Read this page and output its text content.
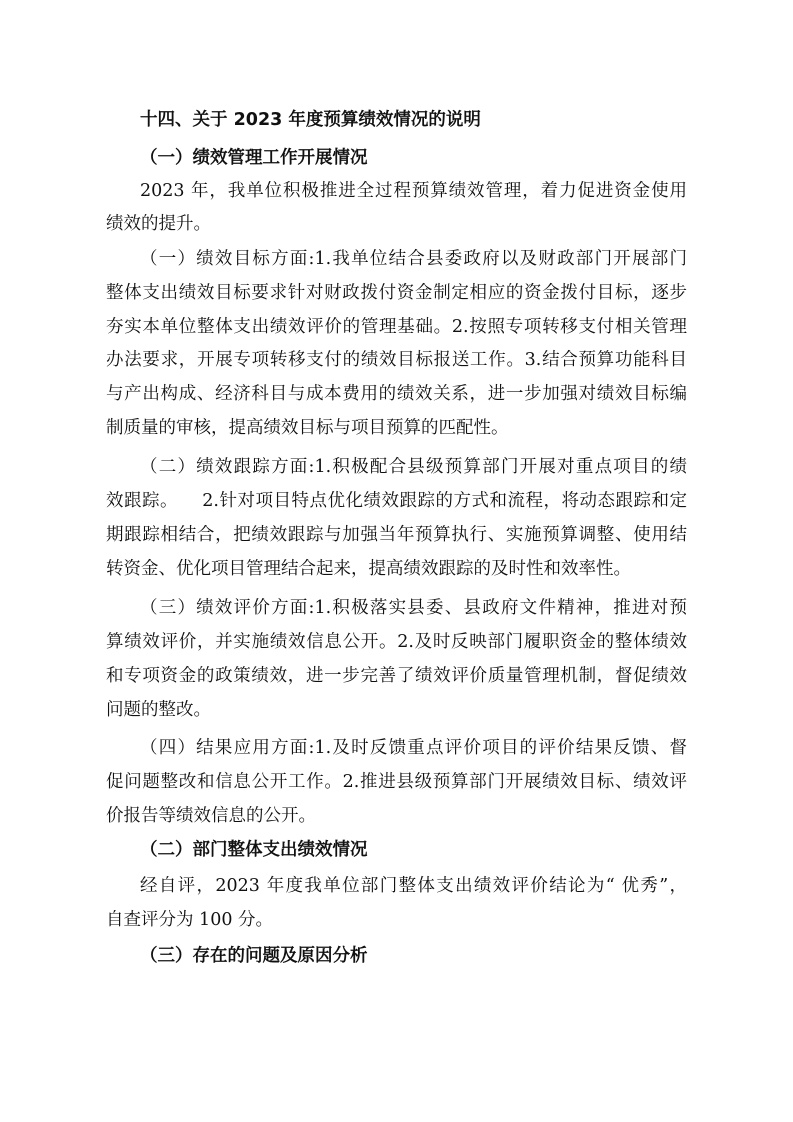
十四、关于 2023 年度预算绩效情况的说明

（一）绩效管理工作开展情况

2023 年，我单位积极推进全过程预算绩效管理，着力促进资金使用

绩效的提升。

（一）绩效目标方面:1.我单位结合县委政府以及财政部门开展部门

整体支出绩效目标要求针对财政拨付资金制定相应的资金拨付目标，逐步

夯实本单位整体支出绩效评价的管理基础。2.按照专项转移支付相关管理

办法要求，开展专项转移支付的绩效目标报送工作。3.结合预算功能科目

与产出构成、经济科目与成本费用的绩效关系，进一步加强对绩效目标编

制质量的审核，提高绩效目标与项目预算的匹配性。

（二）绩效跟踪方面:1.积极配合县级预算部门开展对重点项目的绩

效跟踪。    2.针对项目特点优化绩效跟踪的方式和流程，将动态跟踪和定

期跟踪相结合，把绩效跟踪与加强当年预算执行、实施预算调整、使用结

转资金、优化项目管理结合起来，提高绩效跟踪的及时性和效率性。

（三）绩效评价方面:1.积极落实县委、县政府文件精神，推进对预

算绩效评价，并实施绩效信息公开。2.及时反映部门履职资金的整体绩效

和专项资金的政策绩效，进一步完善了绩效评价质量管理机制，督促绩效

问题的整改。

（四）结果应用方面:1.及时反馈重点评价项目的评价结果反馈、督

促问题整改和信息公开工作。2.推进县级预算部门开展绩效目标、绩效评

价报告等绩效信息的公开。

（二）部门整体支出绩效情况

经自评，2023 年度我单位部门整体支出绩效评价结论为“ 优秀”，

自查评分为 100 分。

（三）存在的问题及原因分析
